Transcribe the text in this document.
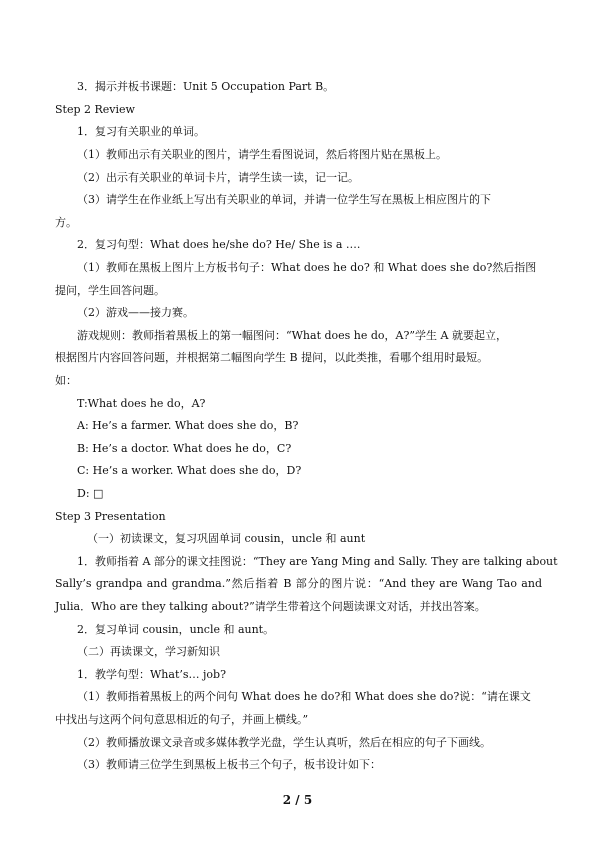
3．揭示并板书课题：Unit 5 Occupation Part B。
Step 2 Review
1．复习有关职业的单词。
（1）教师出示有关职业的图片，请学生看图说词，然后将图片贴在黑板上。
（2）出示有关职业的单词卡片，请学生读一读，记一记。
（3）请学生在作业纸上写出有关职业的单词，并请一位学生写在黑板上相应图片的下
方。
2．复习句型：What does he/she do? He/ She is a ….
（1）教师在黑板上图片上方板书句子：What does he do? 和 What does she do?然后指图
提问，学生回答问题。
（2）游戏——接力赛。
游戏规则：教师指着黑板上的第一幅图问：“What does he do，A?”学生 A 就要起立，
根据图片内容回答问题，并根据第二幅图向学生 B 提问，以此类推，看哪个组用时最短。
如：
T:What does he do，A?
A: He’s a farmer. What does she do，B?
B: He’s a doctor. What does he do，C?
C: He’s a worker. What does she do，D?
D: □
Step 3 Presentation
（一）初读课文，复习巩固单词 cousin，uncle 和 aunt
1．教师指着 A 部分的课文挂图说：“They are Yang Ming and Sally. They are talking about
Sally’s grandpa and grandma.”然后指着 B 部分的图片说：“And they are Wang Tao and
Julia．Who are they talking about?”请学生带着这个问题读课文对话，并找出答案。
2．复习单词 cousin，uncle 和 aunt。
（二）再读课文，学习新知识
1．教学句型：What’s… job?
（1）教师指着黑板上的两个问句 What does he do?和 What does she do?说：“请在课文
中找出与这两个问句意思相近的句子，并画上横线。”
（2）教师播放课文录音或多媒体教学光盘，学生认真听，然后在相应的句子下画线。
（3）教师请三位学生到黑板上板书三个句子，板书设计如下：
2 / 5
